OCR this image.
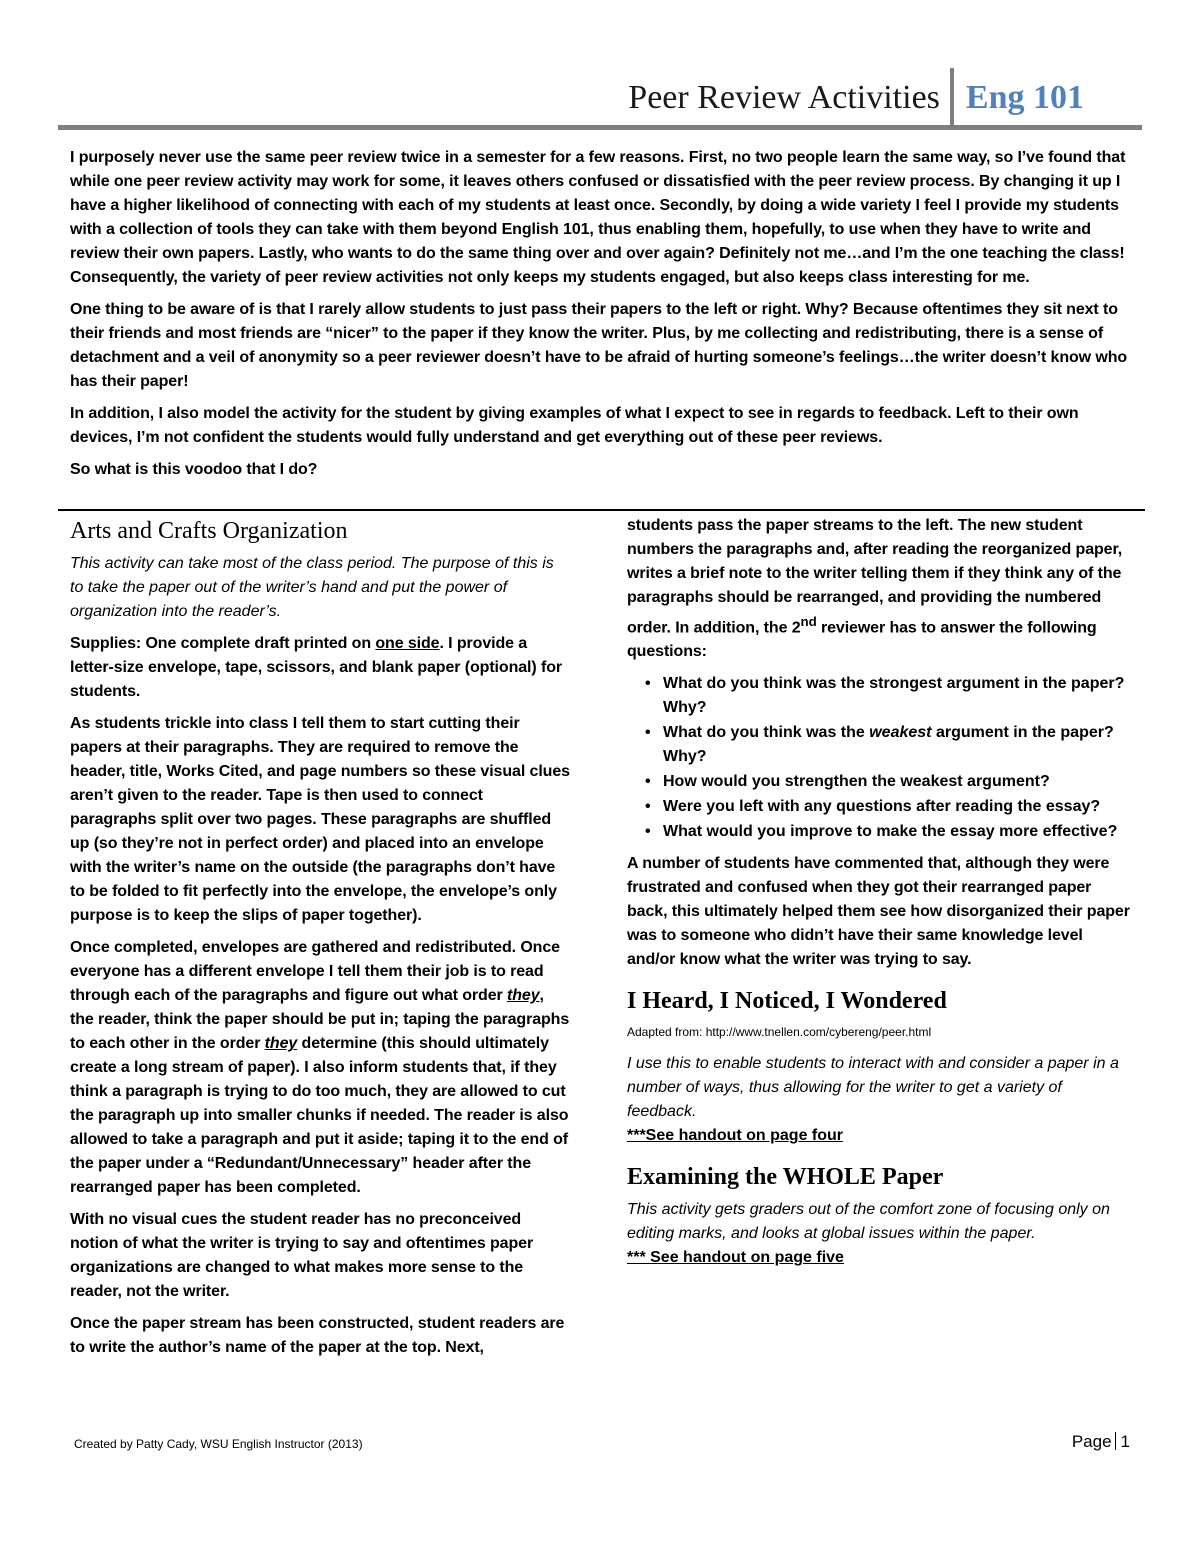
Peer Review Activities Eng 101

I purposely never use the same peer review twice in a semester for a few reasons. First, no two people learn the same way, so I’ve found that while one peer review activity may work for some, it leaves others confused or dissatisfied with the peer review process. By changing it up I have a higher likelihood of connecting with each of my students at least once. Secondly, by doing a wide variety I feel I provide my students with a collection of tools they can take with them beyond English 101, thus enabling them, hopefully, to use when they have to write and review their own papers. Lastly, who wants to do the same thing over and over again? Definitely not me…and I’m the one teaching the class! Consequently, the variety of peer review activities not only keeps my students engaged, but also keeps class interesting for me.

One thing to be aware of is that I rarely allow students to just pass their papers to the left or right. Why? Because oftentimes they sit next to their friends and most friends are “nicer” to the paper if they know the writer. Plus, by me collecting and redistributing, there is a sense of detachment and a veil of anonymity so a peer reviewer doesn’t have to be afraid of hurting someone’s feelings…the writer doesn’t know who has their paper!

In addition, I also model the activity for the student by giving examples of what I expect to see in regards to feedback. Left to their own devices, I’m not confident the students would fully understand and get everything out of these peer reviews.

So what is this voodoo that I do?

Arts and Crafts Organization

This activity can take most of the class period. The purpose of this is to take the paper out of the writer’s hand and put the power of organization into the reader’s.

Supplies: One complete draft printed on one side. I provide a letter-size envelope, tape, scissors, and blank paper (optional) for students.

As students trickle into class I tell them to start cutting their papers at their paragraphs. They are required to remove the header, title, Works Cited, and page numbers so these visual clues aren’t given to the reader. Tape is then used to connect paragraphs split over two pages. These paragraphs are shuffled up (so they’re not in perfect order) and placed into an envelope with the writer’s name on the outside (the paragraphs don’t have to be folded to fit perfectly into the envelope, the envelope’s only purpose is to keep the slips of paper together).

Once completed, envelopes are gathered and redistributed. Once everyone has a different envelope I tell them their job is to read through each of the paragraphs and figure out what order they, the reader, think the paper should be put in; taping the paragraphs to each other in the order they determine (this should ultimately create a long stream of paper). I also inform students that, if they think a paragraph is trying to do too much, they are allowed to cut the paragraph up into smaller chunks if needed. The reader is also allowed to take a paragraph and put it aside; taping it to the end of the paper under a “Redundant/Unnecessary” header after the rearranged paper has been completed.

With no visual cues the student reader has no preconceived notion of what the writer is trying to say and oftentimes paper organizations are changed to what makes more sense to the reader, not the writer.

Once the paper stream has been constructed, student readers are to write the author’s name of the paper at the top. Next,

students pass the paper streams to the left. The new student numbers the paragraphs and, after reading the reorganized paper, writes a brief note to the writer telling them if they think any of the paragraphs should be rearranged, and providing the numbered order. In addition, the 2nd reviewer has to answer the following questions:

• What do you think was the strongest argument in the paper? Why?
• What do you think was the weakest argument in the paper? Why?
• How would you strengthen the weakest argument?
• Were you left with any questions after reading the essay?
• What would you improve to make the essay more effective?

A number of students have commented that, although they were frustrated and confused when they got their rearranged paper back, this ultimately helped them see how disorganized their paper was to someone who didn’t have their same knowledge level and/or know what the writer was trying to say.

I Heard, I Noticed, I Wondered

Adapted from: http://www.tnellen.com/cybereng/peer.html

I use this to enable students to interact with and consider a paper in a number of ways, thus allowing for the writer to get a variety of feedback.

***See handout on page four

Examining the WHOLE Paper

This activity gets graders out of the comfort zone of focusing only on editing marks, and looks at global issues within the paper.

*** See handout on page five

Created by Patty Cady, WSU English Instructor (2013)	Page 1
